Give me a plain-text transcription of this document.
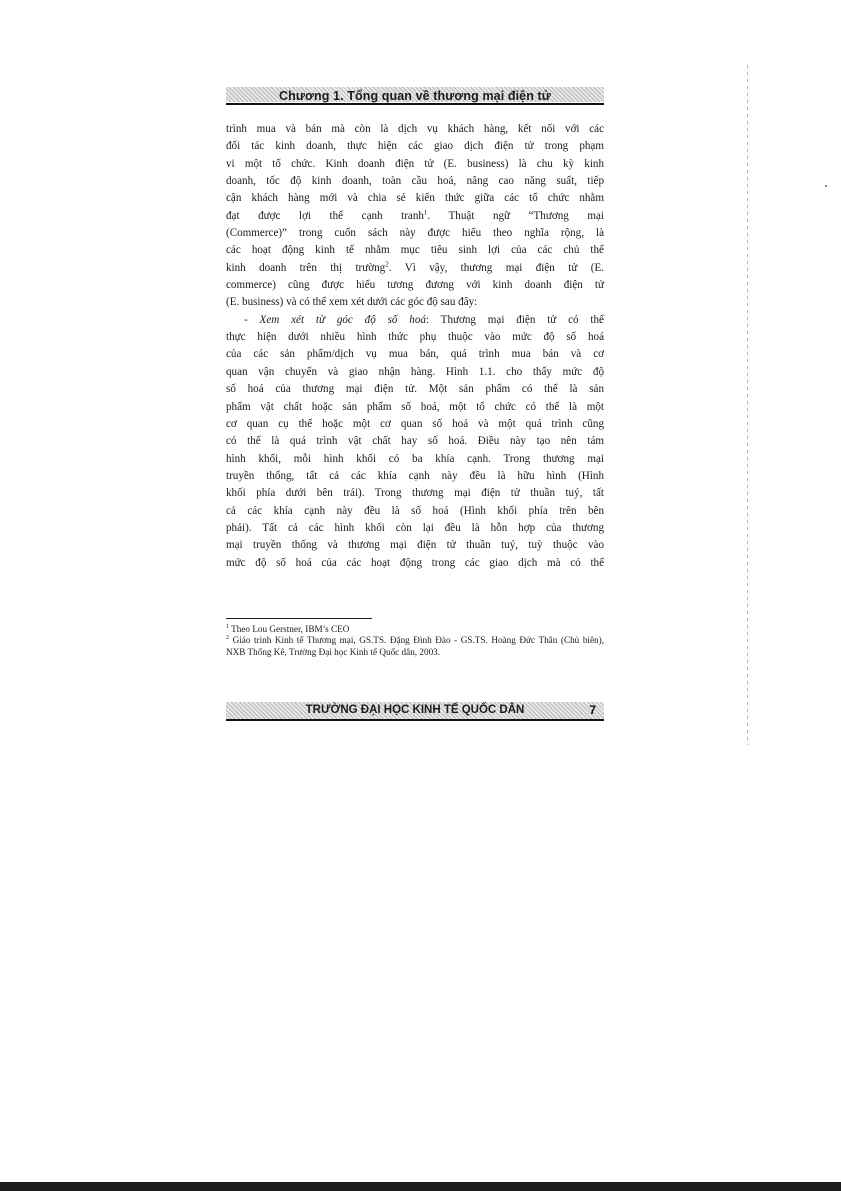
Chương 1. Tổng quan về thương mại điện tử

trình mua và bán mà còn là dịch vụ khách hàng, kết nối với các

đối tác kinh doanh, thực hiện các giao dịch điện tử trong phạm

vi một tổ chức. Kinh doanh điện tử (E. business) là chu kỳ kinh

doanh, tốc độ kinh doanh, toàn cầu hoá, nâng cao năng suất, tiếp

cận khách hàng mới và chia sẻ kiến thức giữa các tổ chức nhằm

đạt được lợi thế cạnh tranh$^1$. Thuật ngữ “Thương mại

(Commerce)” trong cuốn sách này được hiểu theo nghĩa rộng, là

các hoạt động kinh tế nhằm mục tiêu sinh lợi của các chủ thể

kinh doanh trên thị trường$^2$. Vì vậy, thương mại điện tử (E.

commerce) cũng được hiểu tương đương với kinh doanh điện tử

(E. business) và có thể xem xét dưới các góc độ sau đây:

- Xem xét từ góc độ số hoá: Thương mại điện tử có thể

thực hiện dưới nhiều hình thức phụ thuộc vào mức độ số hoá

của các sản phẩm/dịch vụ mua bán, quá trình mua bán và cơ

quan vận chuyển và giao nhận hàng. Hình 1.1. cho thấy mức độ

số hoá của thương mại điện tử. Một sản phẩm có thể là sản

phẩm vật chất hoặc sản phẩm số hoá, một tổ chức có thể là một

cơ quan cụ thể hoặc một cơ quan số hoá và một quá trình cũng

có thể là quá trình vật chất hay số hoá. Điều này tạo nên tám

hình khối, mỗi hình khối có ba khía cạnh. Trong thương mại

truyền thống, tất cả các khía cạnh này đều là hữu hình (Hình

khối phía dưới bên trái). Trong thương mại điện tử thuần tuý, tất

cả các khía cạnh này đều là số hoá (Hình khối phía trên bên

phải). Tất cả các hình khối còn lại đều là hỗn hợp của thương

mại truyền thống và thương mại điện tử thuần tuý, tuỳ thuộc vào

mức độ số hoá của các hoạt động trong các giao dịch mà có thể

$^1$ Theo Lou Gerstner, IBM’s CEO

$^2$ Giáo trình Kinh tế Thương mại, GS.TS. Đặng Đình Đào - GS.TS. Hoàng Đức Thân (Chủ biên), NXB Thống Kê, Trường Đại học Kinh tế Quốc dân, 2003.

TRƯỜNG ĐẠI HỌC KINH TẾ QUỐC DÂN	7
